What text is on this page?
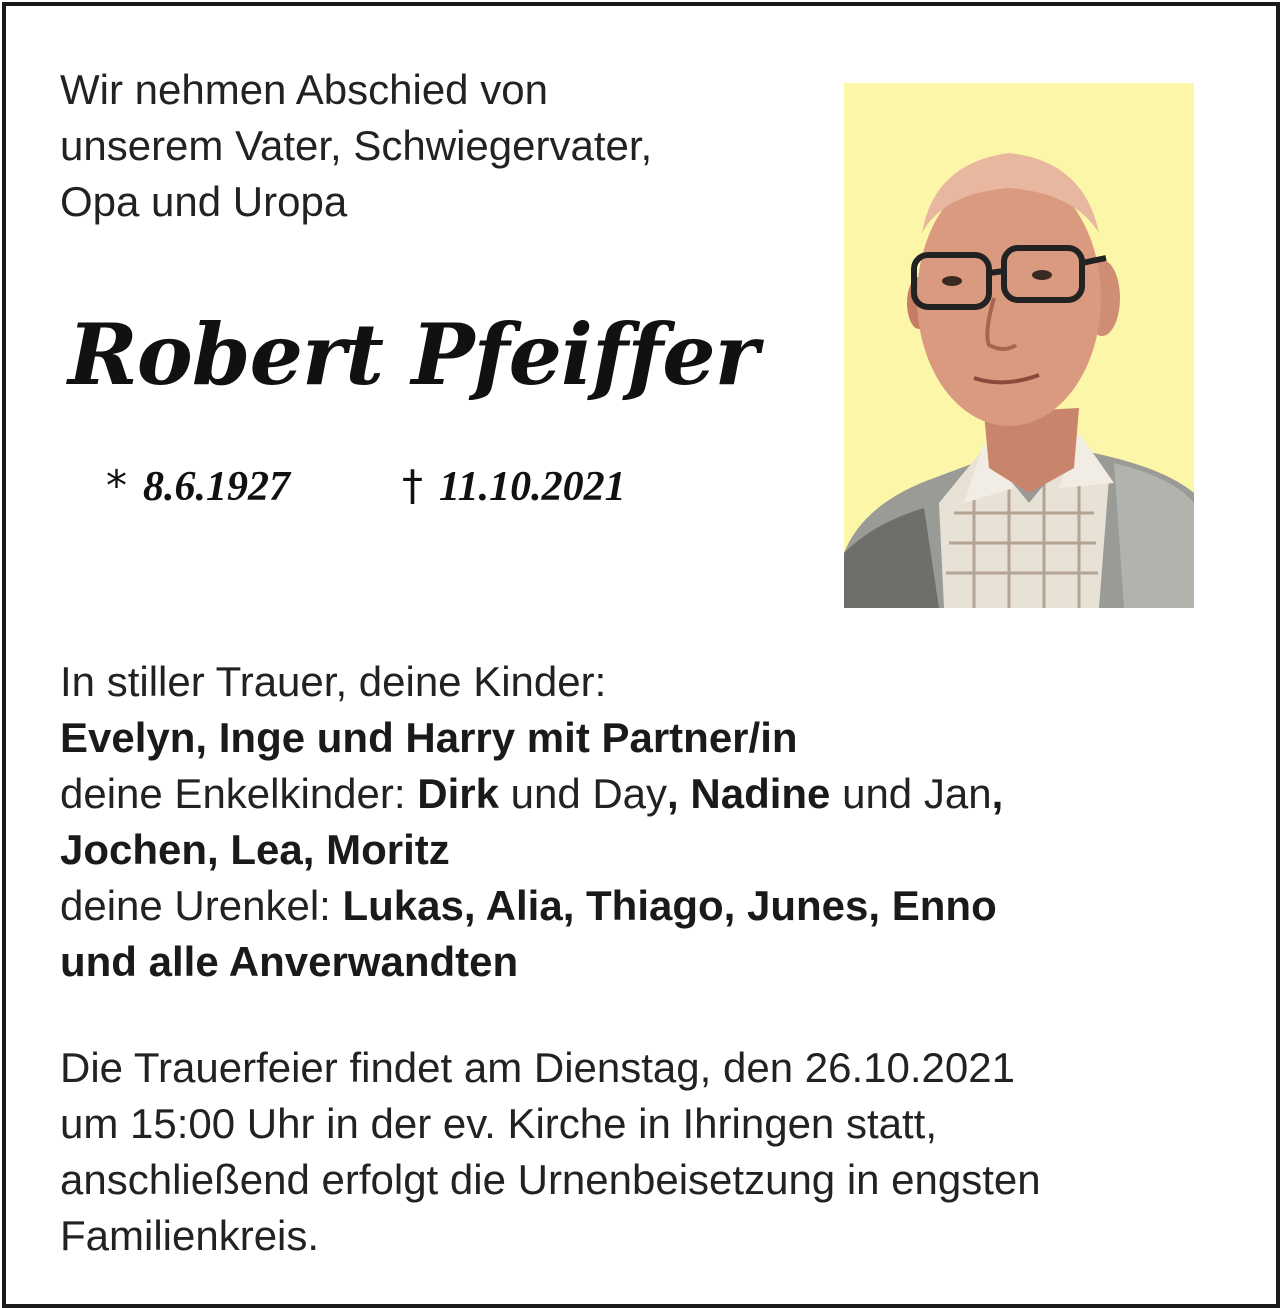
Wir nehmen Abschied von
unserem Vater, Schwiegervater,
Opa und Uropa
Robert Pfeiffer
* 8.6.1927	† 11.10.2021
In stiller Trauer, deine Kinder:
Evelyn, Inge und Harry mit Partner/in
deine Enkelkinder: Dirk und Day, Nadine und Jan,
Jochen, Lea, Moritz
deine Urenkel: Lukas, Alia, Thiago, Junes, Enno
und alle Anverwandten
Die Trauerfeier findet am Dienstag, den 26.10.2021
um 15:00 Uhr in der ev. Kirche in Ihringen statt,
anschließend erfolgt die Urnenbeisetzung in engsten
Familienkreis.
